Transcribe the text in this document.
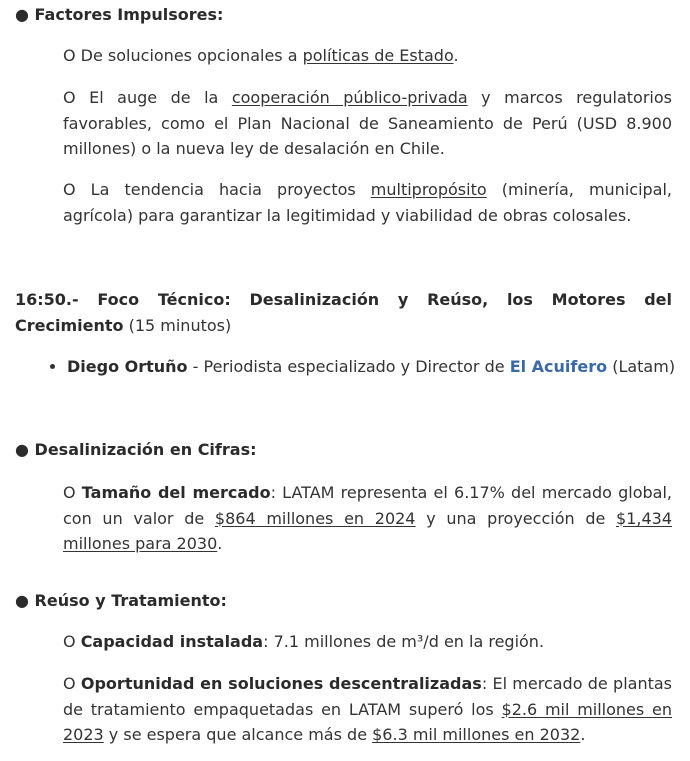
● Factores Impulsores:

O De soluciones opcionales a políticas de Estado.

O El auge de la cooperación público-privada y marcos regulatorios favorables, como el Plan Nacional de Saneamiento de Perú (USD 8.900 millones) o la nueva ley de desalación en Chile.

O La tendencia hacia proyectos multipropósito (minería, municipal, agrícola) para garantizar la legitimidad y viabilidad de obras colosales.

16:50.- Foco Técnico: Desalinización y Reúso, los Motores del Crecimiento (15 minutos)

• Diego Ortuño - Periodista especializado y Director de El Acuifero (Latam)

● Desalinización en Cifras:

O Tamaño del mercado: LATAM representa el 6.17% del mercado global, con un valor de $864 millones en 2024 y una proyección de $1,434 millones para 2030.

● Reúso y Tratamiento:

O Capacidad instalada: 7.1 millones de m³/d en la región.

O Oportunidad en soluciones descentralizadas: El mercado de plantas de tratamiento empaquetadas en LATAM superó los $2.6 mil millones en 2023 y se espera que alcance más de $6.3 mil millones en 2032.
